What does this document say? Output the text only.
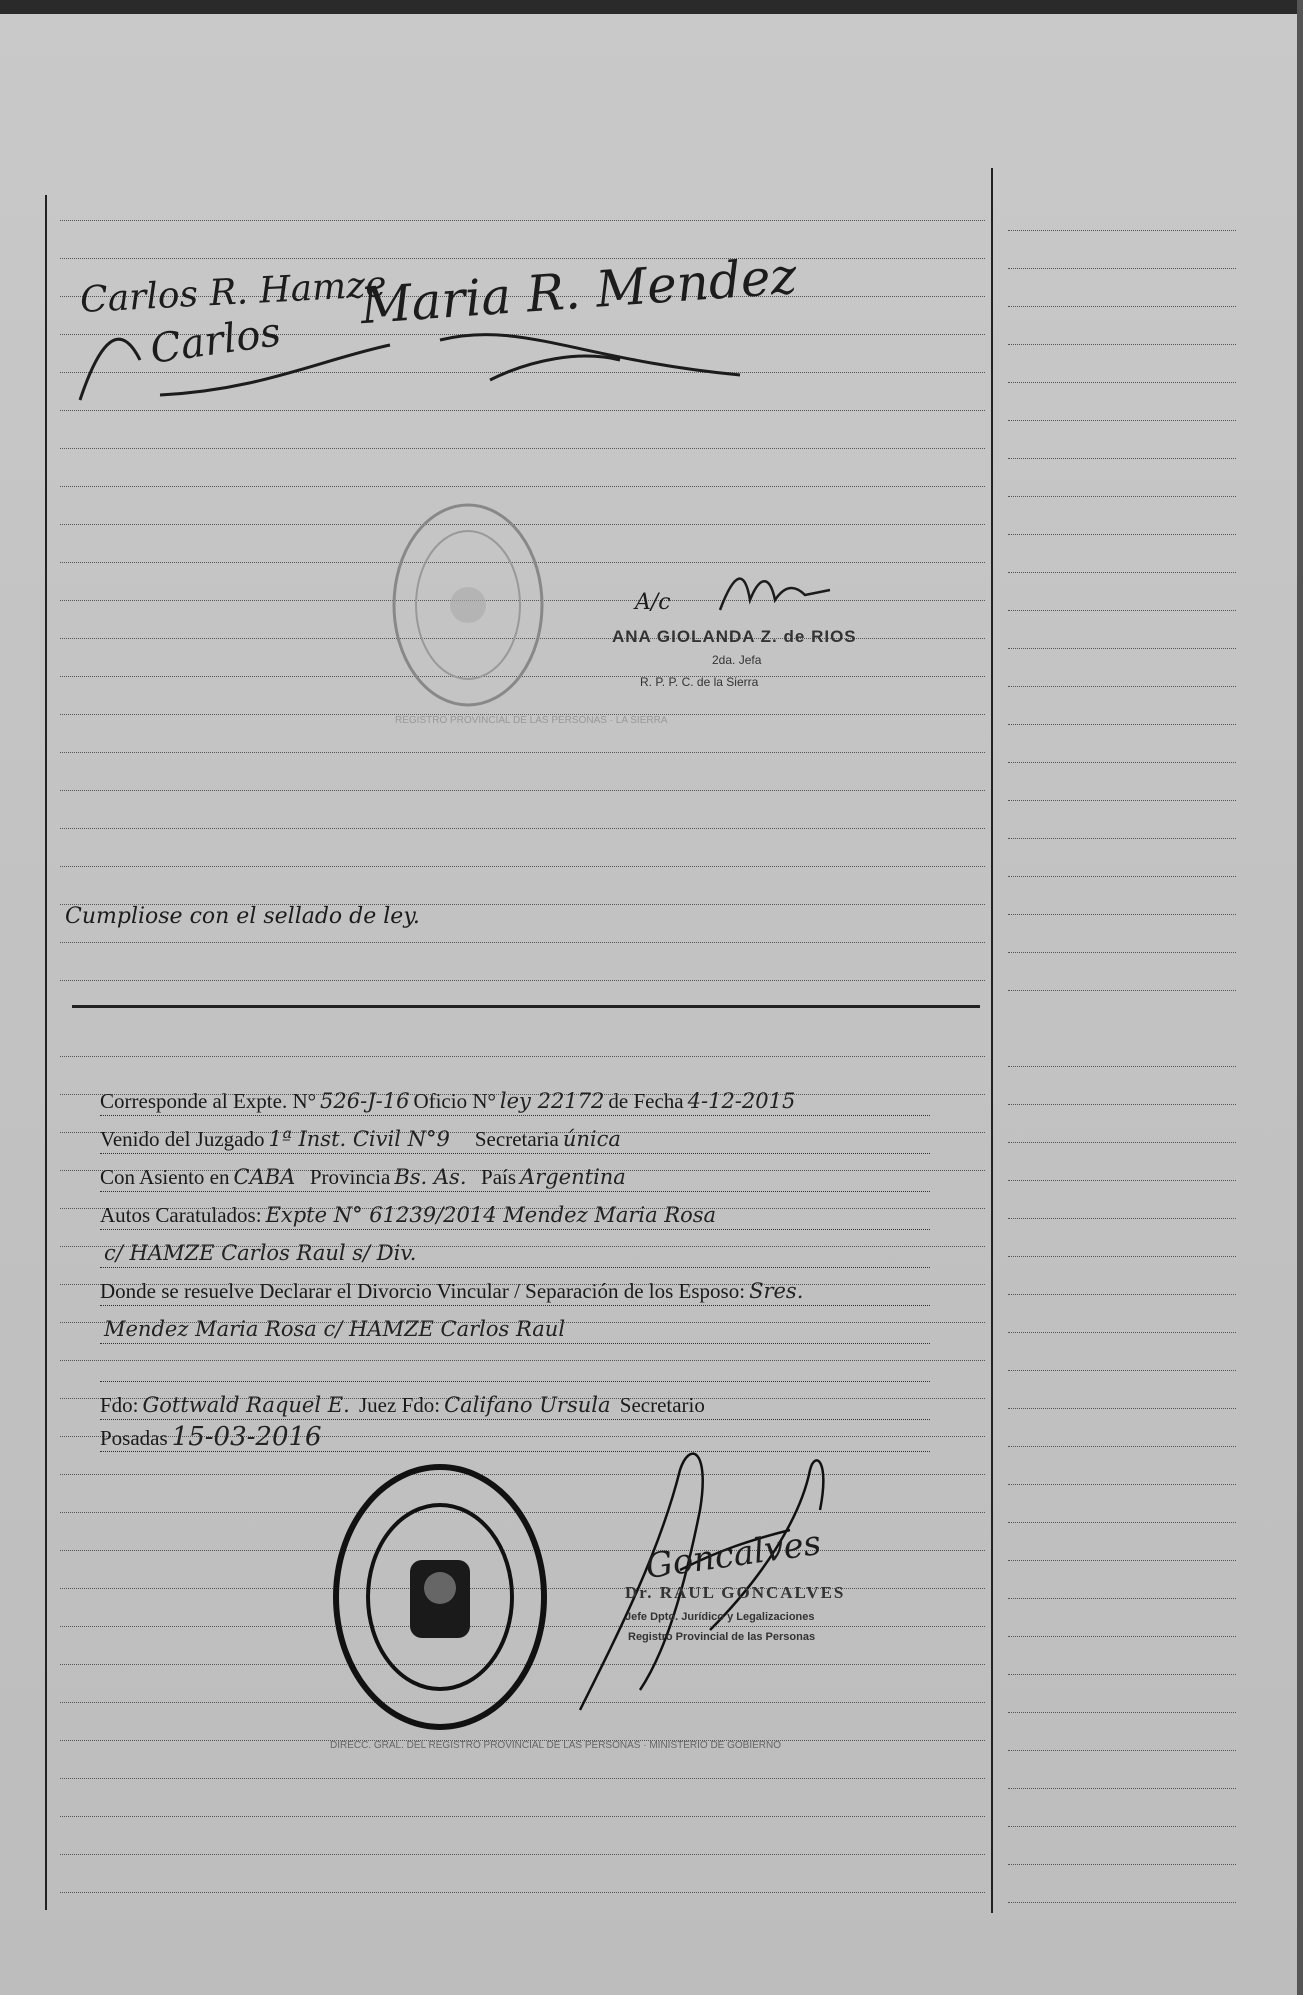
Carlos R. Hamze
Maria R. Mendez
Carlos
REGISTRO PROVINCIAL DE LAS PERSONAS · LA SIERRA
A/c
ANA GIOLANDA Z. de RIOS
2da. Jefa
R. P. P. C. de la Sierra
Cumpliose con el sellado de ley.
Corresponde al Expte. N° 526-J-16 Oficio N° ley 22172 de Fecha 4-12-2015
Venido del Juzgado 1ª Inst. Civil N°9 Secretaria única
Con Asiento en CABA Provincia Bs. As. País Argentina
Autos Caratulados: Expte N° 61239/2014 Mendez Maria Rosa
c/ HAMZE Carlos Raul s/ Div.
Donde se resuelve Declarar el Divorcio Vincular / Separación de los Esposo: Sres.
Mendez Maria Rosa c/ HAMZE Carlos Raul
Fdo: Gottwald Raquel E. Juez Fdo: Califano Ursula Secretario
Posadas 15-03-2016
DIRECC. GRAL. DEL REGISTRO PROVINCIAL DE LAS PERSONAS · MINISTERIO DE GOBIERNO
Goncalves
Dr. RAUL GONCALVES
Jefe Dpto. Jurídico y Legalizaciones
Registro Provincial de las Personas
